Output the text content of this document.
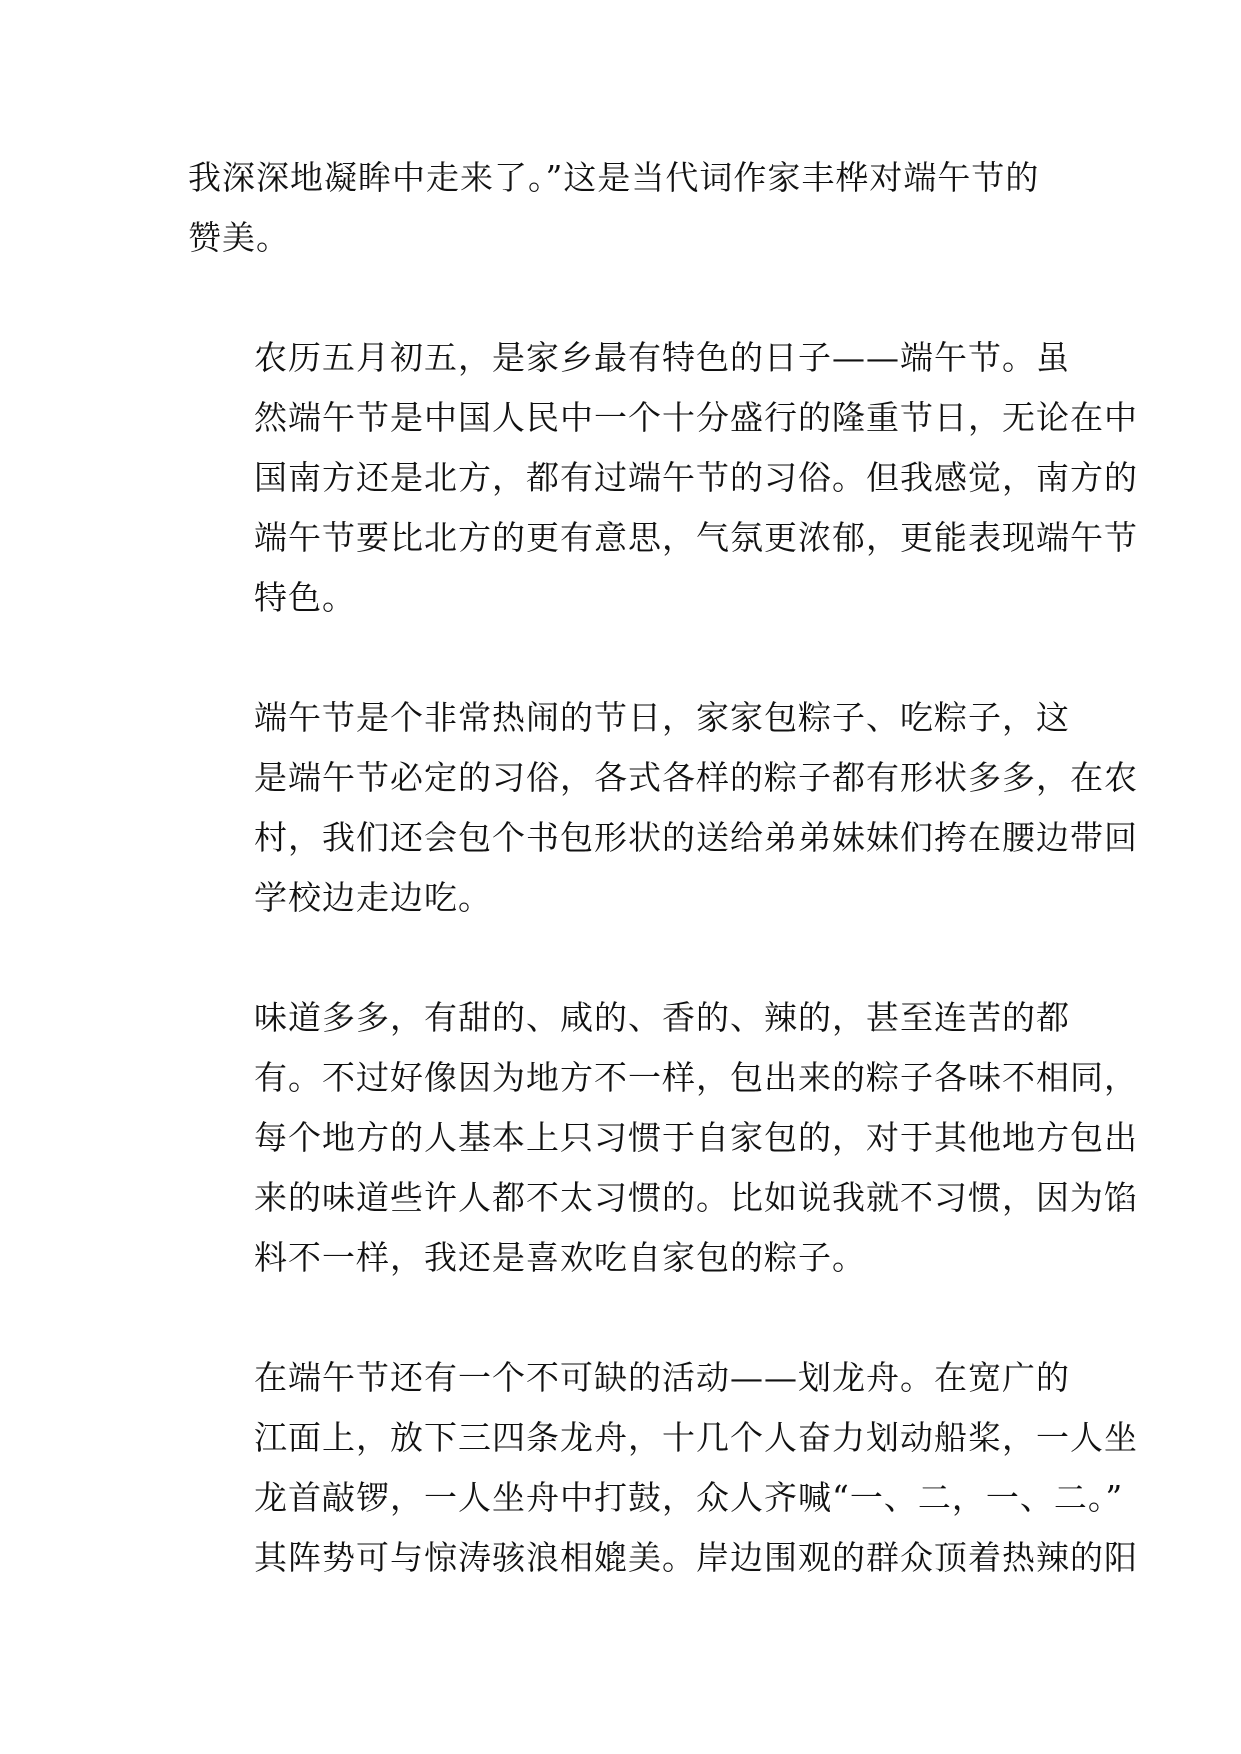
我深深地凝眸中走来了。”这是当代词作家丰桦对端午节的
赞美。

农历五月初五，是家乡最有特色的日子——端午节。虽
然端午节是中国人民中一个十分盛行的隆重节日，无论在中
国南方还是北方，都有过端午节的习俗。但我感觉，南方的
端午节要比北方的更有意思，气氛更浓郁，更能表现端午节
特色。

端午节是个非常热闹的节日，家家包粽子、吃粽子，这
是端午节必定的习俗，各式各样的粽子都有形状多多，在农
村，我们还会包个书包形状的送给弟弟妹妹们挎在腰边带回
学校边走边吃。

味道多多，有甜的、咸的、香的、辣的，甚至连苦的都
有。不过好像因为地方不一样，包出来的粽子各味不相同，
每个地方的人基本上只习惯于自家包的，对于其他地方包出
来的味道些许人都不太习惯的。比如说我就不习惯，因为馅
料不一样，我还是喜欢吃自家包的粽子。

在端午节还有一个不可缺的活动——划龙舟。在宽广的
江面上，放下三四条龙舟，十几个人奋力划动船桨，一人坐
龙首敲锣，一人坐舟中打鼓，众人齐喊“一、二，一、二。”
其阵势可与惊涛骇浪相媲美。岸边围观的群众顶着热辣的阳
